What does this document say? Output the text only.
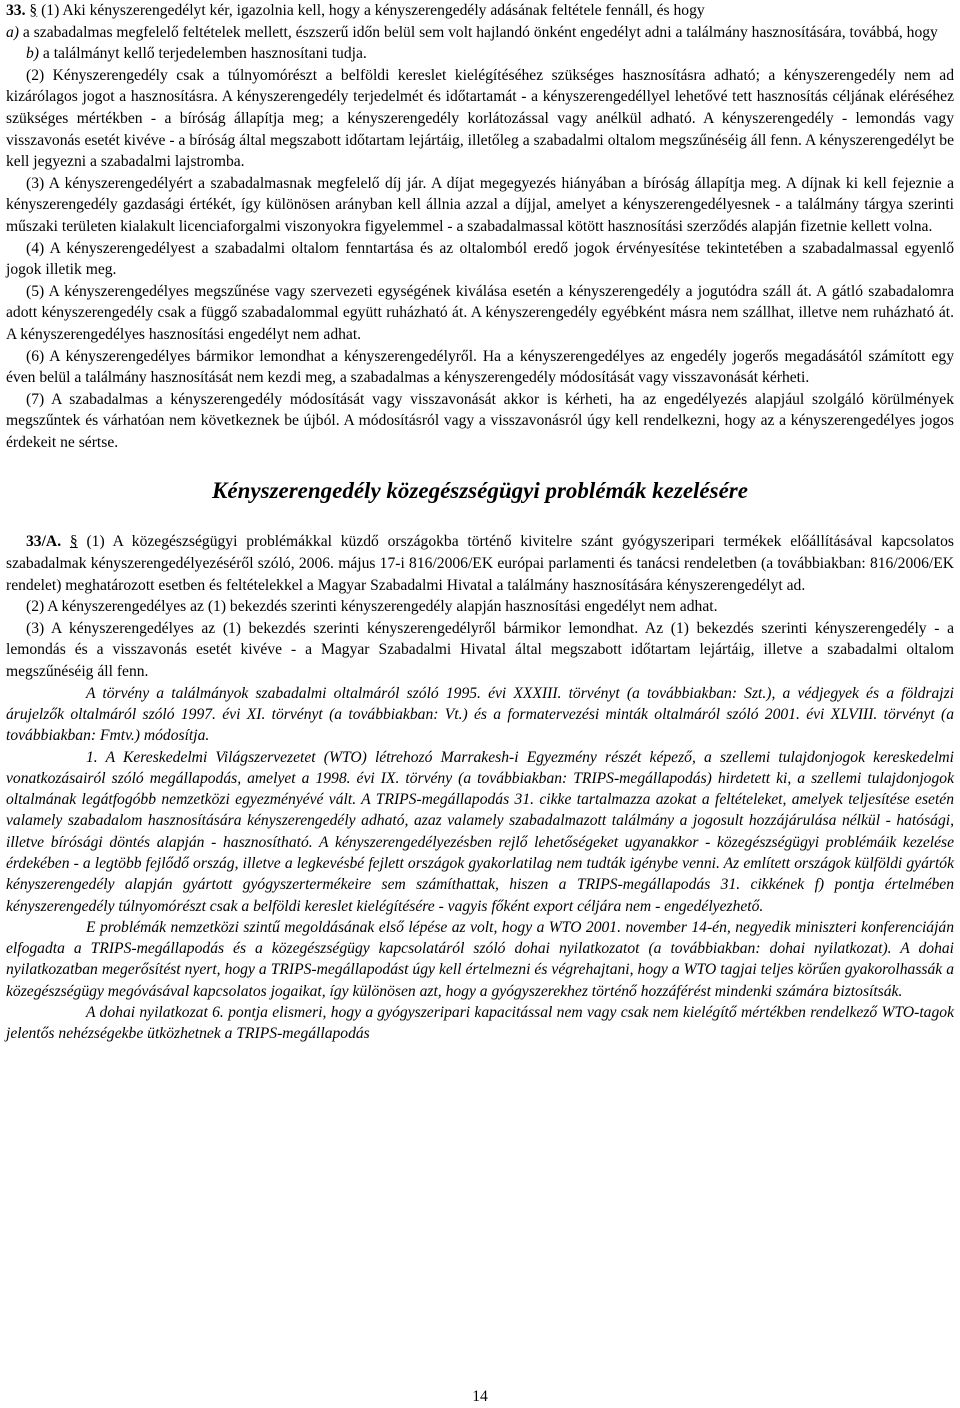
33. § (1) Aki kényszerengedélyt kér, igazolnia kell, hogy a kényszerengedély adásának feltétele fennáll, és hogy

a) a szabadalmas megfelelő feltételek mellett, észszerű időn belül sem volt hajlandó önként engedélyt adni a találmány hasznosítására, továbbá, hogy

b) a találmányt kellő terjedelemben hasznosítani tudja.

(2) Kényszerengedély csak a túlnyomórészt a belföldi kereslet kielégítéséhez szükséges hasznosításra adható; a kényszerengedély nem ad kizárólagos jogot a hasznosításra. A kényszerengedély terjedelmét és időtartamát - a kényszerengedéllyel lehetővé tett hasznosítás céljának eléréséhez szükséges mértékben - a bíróság állapítja meg; a kényszerengedély korlátozással vagy anélkül adható. A kényszerengedély - lemondás vagy visszavonás esetét kivéve - a bíróság által megszabott időtartam lejártáig, illetőleg a szabadalmi oltalom megszűnéséig áll fenn. A kényszerengedélyt be kell jegyezni a szabadalmi lajstromba.

(3) A kényszerengedélyért a szabadalmasnak megfelelő díj jár. A díjat megegyezés hiányában a bíróság állapítja meg. A díjnak ki kell fejeznie a kényszerengedély gazdasági értékét, így különösen arányban kell állnia azzal a díjjal, amelyet a kényszerengedélyesnek - a találmány tárgya szerinti műszaki területen kialakult licenciaforgalmi viszonyokra figyelemmel - a szabadalmassal kötött hasznosítási szerződés alapján fizetnie kellett volna.

(4) A kényszerengedélyest a szabadalmi oltalom fenntartása és az oltalomból eredő jogok érvényesítése tekintetében a szabadalmassal egyenlő jogok illetik meg.

(5) A kényszerengedélyes megszűnése vagy szervezeti egységének kiválása esetén a kényszerengedély a jogutódra száll át. A gátló szabadalomra adott kényszerengedély csak a függő szabadalommal együtt ruházható át. A kényszerengedély egyébként másra nem szállhat, illetve nem ruházható át. A kényszerengedélyes hasznosítási engedélyt nem adhat.

(6) A kényszerengedélyes bármikor lemondhat a kényszerengedélyről. Ha a kényszerengedélyes az engedély jogerős megadásától számított egy éven belül a találmány hasznosítását nem kezdi meg, a szabadalmas a kényszerengedély módosítását vagy visszavonását kérheti.

(7) A szabadalmas a kényszerengedély módosítását vagy visszavonását akkor is kérheti, ha az engedélyezés alapjául szolgáló körülmények megszűntek és várhatóan nem következnek be újból. A módosításról vagy a visszavonásról úgy kell rendelkezni, hogy az a kényszerengedélyes jogos érdekeit ne sértse.

Kényszerengedély közegészségügyi problémák kezelésére

33/A. § (1) A közegészségügyi problémákkal küzdő országokba történő kivitelre szánt gyógyszeripari termékek előállításával kapcsolatos szabadalmak kényszerengedélyezéséről szóló, 2006. május 17-i 816/2006/EK európai parlamenti és tanácsi rendeletben (a továbbiakban: 816/2006/EK rendelet) meghatározott esetben és feltételekkel a Magyar Szabadalmi Hivatal a találmány hasznosítására kényszerengedélyt ad.

(2) A kényszerengedélyes az (1) bekezdés szerinti kényszerengedély alapján hasznosítási engedélyt nem adhat.

(3) A kényszerengedélyes az (1) bekezdés szerinti kényszerengedélyről bármikor lemondhat. Az (1) bekezdés szerinti kényszerengedély - a lemondás és a visszavonás esetét kivéve - a Magyar Szabadalmi Hivatal által megszabott időtartam lejártáig, illetve a szabadalmi oltalom megszűnéséig áll fenn.

A törvény a találmányok szabadalmi oltalmáról szóló 1995. évi XXXIII. törvényt (a továbbiakban: Szt.), a védjegyek és a földrajzi árujelzők oltalmáról szóló 1997. évi XI. törvényt (a továbbiakban: Vt.) és a formatervezési minták oltalmáról szóló 2001. évi XLVIII. törvényt (a továbbiakban: Fmtv.) módosítja.

1. A Kereskedelmi Világszervezetet (WTO) létrehozó Marrakesh-i Egyezmény részét képező, a szellemi tulajdonjogok kereskedelmi vonatkozásairól szóló megállapodás, amelyet a 1998. évi IX. törvény (a továbbiakban: TRIPS-megállapodás) hirdetett ki, a szellemi tulajdonjogok oltalmának legátfogóbb nemzetközi egyezményévé vált. A TRIPS-megállapodás 31. cikke tartalmazza azokat a feltételeket, amelyek teljesítése esetén valamely szabadalom hasznosítására kényszerengedély adható, azaz valamely szabadalmazott találmány a jogosult hozzájárulása nélkül - hatósági, illetve bírósági döntés alapján - hasznosítható. A kényszerengedélyezésben rejlő lehetőségeket ugyanakkor - közegészségügyi problémáik kezelése érdekében - a legtöbb fejlődő ország, illetve a legkevésbé fejlett országok gyakorlatilag nem tudták igénybe venni. Az említett országok külföldi gyártók kényszerengedély alapján gyártott gyógyszertermékeire sem számíthattak, hiszen a TRIPS-megállapodás 31. cikkének f) pontja értelmében kényszerengedély túlnyomórészt csak a belföldi kereslet kielégítésére - vagyis főként export céljára nem - engedélyezhető.

E problémák nemzetközi szintű megoldásának első lépése az volt, hogy a WTO 2001. november 14-én, negyedik miniszteri konferenciáján elfogadta a TRIPS-megállapodás és a közegészségügy kapcsolatáról szóló dohai nyilatkozatot (a továbbiakban: dohai nyilatkozat). A dohai nyilatkozatban megerősítést nyert, hogy a TRIPS-megállapodást úgy kell értelmezni és végrehajtani, hogy a WTO tagjai teljes körűen gyakorolhassák a közegészségügy megóvásával kapcsolatos jogaikat, így különösen azt, hogy a gyógyszerekhez történő hozzáférést mindenki számára biztosítsák.

A dohai nyilatkozat 6. pontja elismeri, hogy a gyógyszeripari kapacitással nem vagy csak nem kielégítő mértékben rendelkező WTO-tagok jelentős nehézségekbe ütközhetnek a TRIPS-megállapodás

14
